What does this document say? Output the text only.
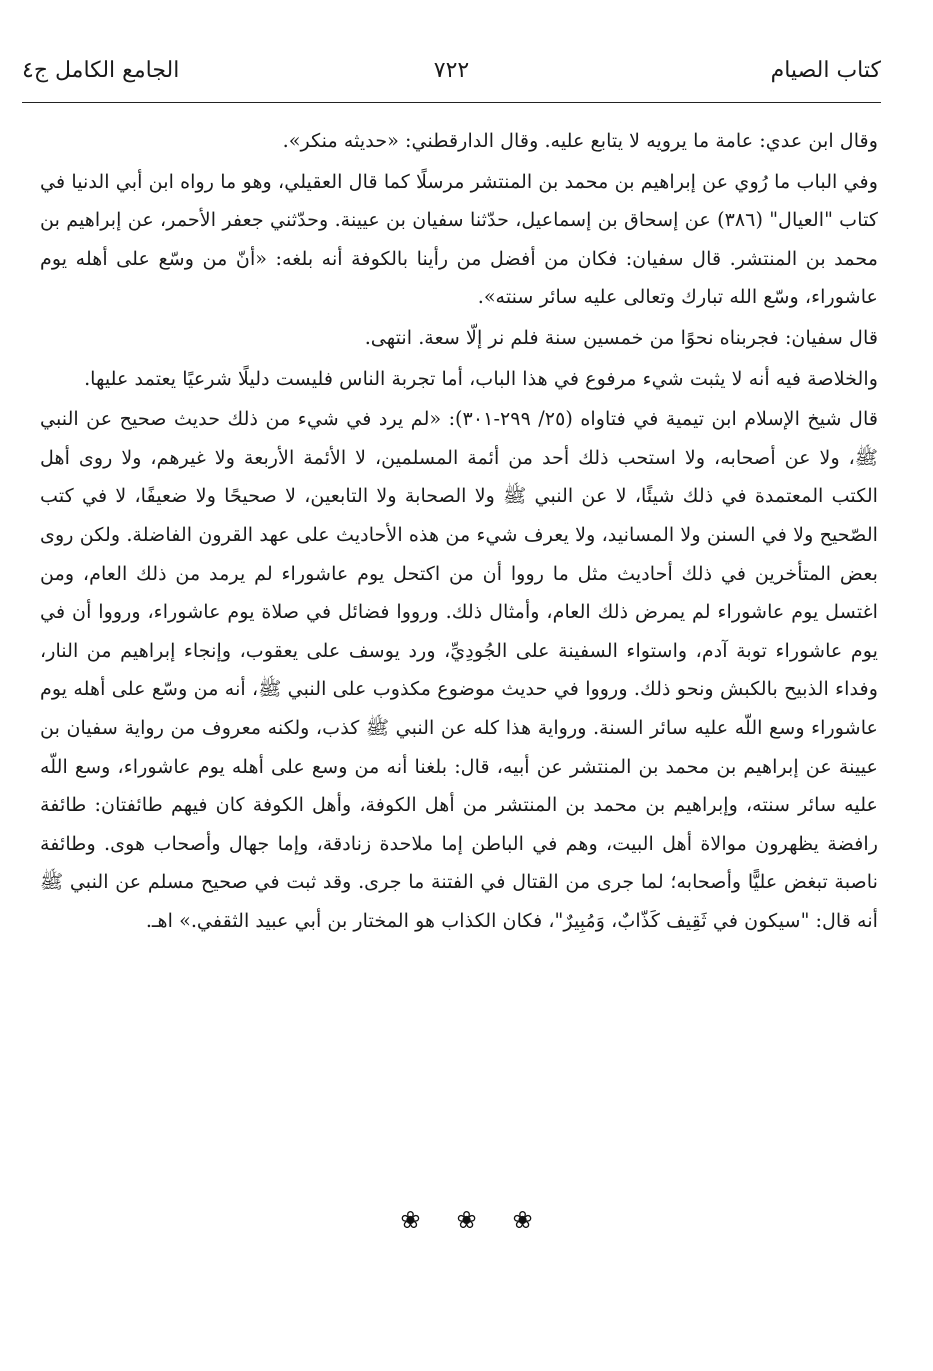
كتاب الصيام
٧٢٢
الجامع الكامل ج٤

وقال ابن عدي: عامة ما يرويه لا يتابع عليه. وقال الدارقطني: «حديثه منكر».

وفي الباب ما رُوي عن إبراهيم بن محمد بن المنتشر مرسلًا كما قال العقيلي، وهو ما رواه ابن أبي الدنيا في كتاب "العيال" (٣٨٦) عن إسحاق بن إسماعيل، حدّثنا سفيان بن عيينة. وحدّثني جعفر الأحمر، عن إبراهيم بن محمد بن المنتشر. قال سفيان: فكان من أفضل من رأينا بالكوفة أنه بلغه: «أنّ من وسّع على أهله يوم عاشوراء، وسّع الله تبارك وتعالى عليه سائر سنته».

قال سفيان: فجربناه نحوًا من خمسين سنة فلم نر إلّا سعة. انتهى.

والخلاصة فيه أنه لا يثبت شيء مرفوع في هذا الباب، أما تجربة الناس فليست دليلًا شرعيًا يعتمد عليها.

قال شيخ الإسلام ابن تيمية في فتاواه (٢٥/ ٢٩٩-٣٠١): «لم يرد في شيء من ذلك حديث صحيح عن النبي ﷺ، ولا عن أصحابه، ولا استحب ذلك أحد من أئمة المسلمين، لا الأئمة الأربعة ولا غيرهم، ولا روى أهل الكتب المعتمدة في ذلك شيئًا، لا عن النبي ﷺ ولا الصحابة ولا التابعين، لا صحيحًا ولا ضعيفًا، لا في كتب الصّحيح ولا في السنن ولا المسانيد، ولا يعرف شيء من هذه الأحاديث على عهد القرون الفاضلة. ولكن روى بعض المتأخرين في ذلك أحاديث مثل ما رووا أن من اكتحل يوم عاشوراء لم يرمد من ذلك العام، ومن اغتسل يوم عاشوراء لم يمرض ذلك العام، وأمثال ذلك. ورووا فضائل في صلاة يوم عاشوراء، ورووا أن في يوم عاشوراء توبة آدم، واستواء السفينة على الجُودِيِّ، ورد يوسف على يعقوب، وإنجاء إبراهيم من النار، وفداء الذبيح بالكبش ونحو ذلك. ورووا في حديث موضوع مكذوب على النبي ﷺ، أنه من وسّع على أهله يوم عاشوراء وسع اللّه عليه سائر السنة. ورواية هذا كله عن النبي ﷺ كذب، ولكنه معروف من رواية سفيان بن عيينة عن إبراهيم بن محمد بن المنتشر عن أبيه، قال: بلغنا أنه من وسع على أهله يوم عاشوراء، وسع اللّه عليه سائر سنته، وإبراهيم بن محمد بن المنتشر من أهل الكوفة، وأهل الكوفة كان فيهم طائفتان: طائفة رافضة يظهرون موالاة أهل البيت، وهم في الباطن إما ملاحدة زنادقة، وإما جهال وأصحاب هوى. وطائفة ناصبة تبغض عليًّا وأصحابه؛ لما جرى من القتال في الفتنة ما جرى. وقد ثبت في صحيح مسلم عن النبي ﷺ أنه قال: "سيكون في ثَقِيف كَذّابٌ، وَمُبِيرٌ"، فكان الكذاب هو المختار بن أبي عبيد الثقفي.» اهـ.

❀ ❀ ❀
